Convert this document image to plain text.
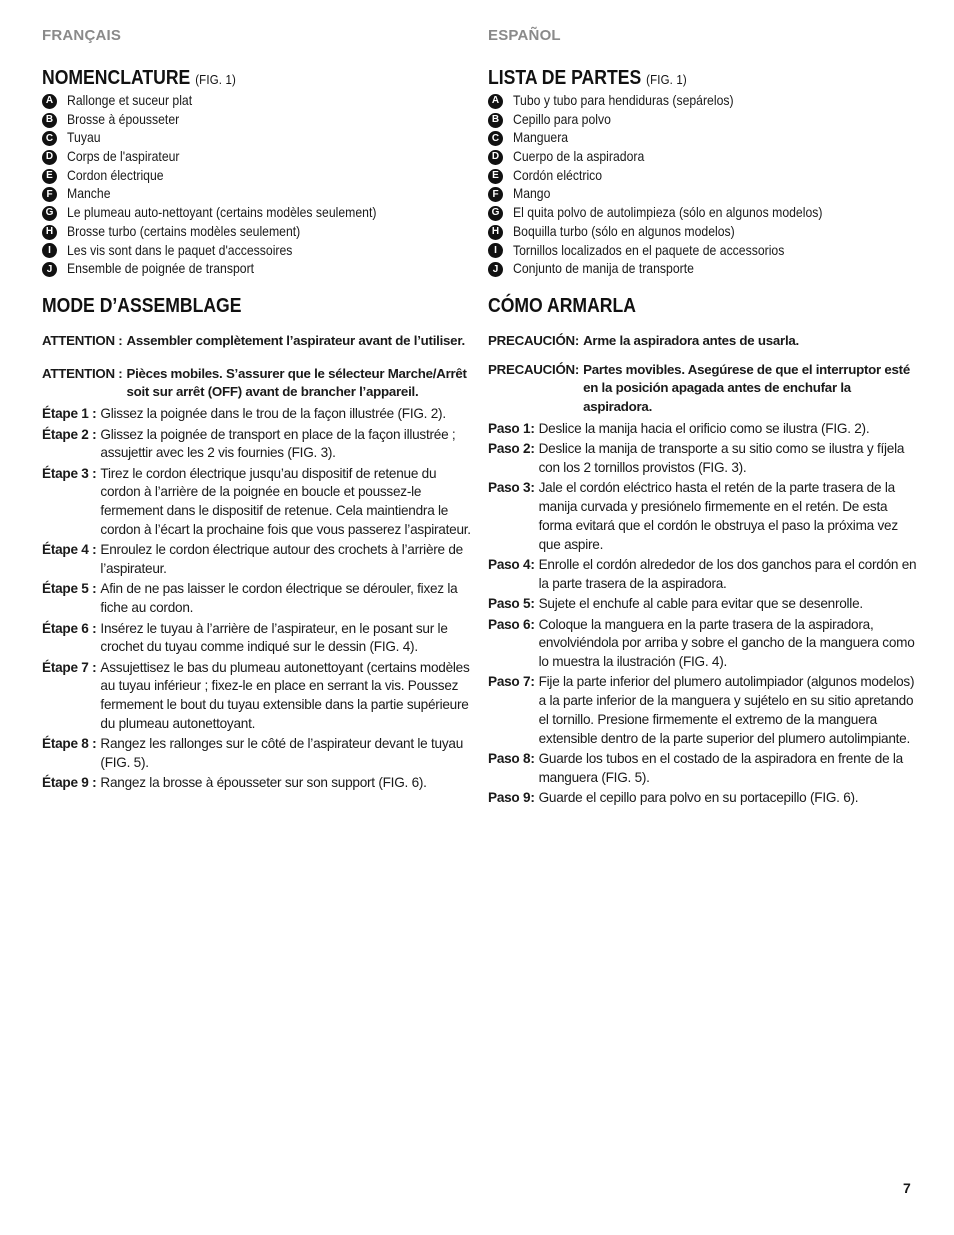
FRANÇAIS
NOMENCLATURE (FIG. 1)
A Rallonge et suceur plat
B Brosse à épousseter
C Tuyau
D Corps de l'aspirateur
E	Cordon électrique
F	Manche
G Le plumeau auto-nettoyant (certains modèles seulement)
H Brosse turbo (certains modèles seulement)
I	Les vis sont dans le paquet d'accessoires
J	Ensemble de poignée de transport
MODE D’ASSEMBLAGE
ATTENTION : Assembler complètement l’aspirateur avant de l’utiliser.
ATTENTION : Pièces mobiles. S’assurer que le sélecteur Marche/Arrêt soit sur arrêt (OFF) avant de brancher l’appareil.
Étape 1 : Glissez la poignée dans le trou de la façon illustrée (FIG. 2).
Étape 2 : Glissez la poignée de transport en place de la façon illustrée ; assujettir avec les 2 vis fournies (FIG. 3).
Étape 3 : Tirez le cordon électrique jusqu’au dispositif de retenue du cordon à l’arrière de la poignée en boucle et poussez-le fermement dans le dispositif de retenue. Cela maintiendra le cordon à l’écart la prochaine fois que vous passerez l’aspirateur.
Étape 4 : Enroulez le cordon électrique autour des crochets à l’arrière de l’aspirateur.
Étape 5 : Afin de ne pas laisser le cordon électrique se dérouler, fixez la fiche au cordon.
Étape 6 : Insérez le tuyau à l’arrière de l’aspirateur, en le posant sur le crochet du tuyau comme indiqué sur le dessin (FIG. 4).
Étape 7 : Assujettisez le bas du plumeau autonettoyant (certains modèles au tuyau inférieur ; fixez-le en place en serrant la vis. Poussez fermement le bout du tuyau extensible dans la partie supérieure du plumeau autonettoyant.
Étape 8 : Rangez les rallonges sur le côté de l’aspirateur devant le tuyau (FIG. 5).
Étape 9 : Rangez la brosse à épousseter sur son support (FIG. 6).
ESPAÑOL
LISTA DE PARTES (FIG. 1)
A Tubo y tubo para hendiduras (sepárelos)
B Cepillo para polvo
C Manguera
D Cuerpo de la aspiradora
E	Cordón eléctrico
F	Mango
G El quita polvo de autolimpieza (sólo en algunos modelos)
H Boquilla turbo (sólo en algunos modelos)
I	Tornillos localizados en el paquete de accessorios
J	Conjunto de manija de transporte
CÓMO ARMARLA
PRECAUCIÓN: Arme la aspiradora antes de usarla.
PRECAUCIÓN: Partes movibles. Asegúrese de que el interruptor esté en la posición apagada antes de enchufar la aspiradora.
Paso 1: Deslice la manija hacia el orificio como se ilustra (FIG. 2).
Paso 2: Deslice la manija de transporte a su sitio como se ilustra y fíjela con los 2 tornillos provistos (FIG. 3).
Paso 3: Jale el cordón eléctrico hasta el retén de la parte trasera de la manija curvada y presiónelo firmemente en el retén. De esta forma evitará que el cordón le obstruya el paso la próxima vez que aspire.
Paso 4: Enrolle el cordón alrededor de los dos ganchos para el cordón en la parte trasera de la aspiradora.
Paso 5: Sujete el enchufe al cable para evitar que se desenrolle.
Paso 6: Coloque la manguera en la parte trasera de la aspiradora, envolviéndola por arriba y sobre el gancho de la manguera como lo muestra la ilustración (FIG. 4).
Paso 7: Fije la parte inferior del plumero autolimpiador (algunos modelos) a la parte inferior de la manguera y sujételo en su sitio apretando el tornillo. Presione firmemente el extremo de la manguera extensible dentro de la parte superior del plumero autolimpiante.
Paso 8: Guarde los tubos en el costado de la aspiradora en frente de la manguera (FIG. 5).
Paso 9: Guarde el cepillo para polvo en su portacepillo (FIG. 6).
7
